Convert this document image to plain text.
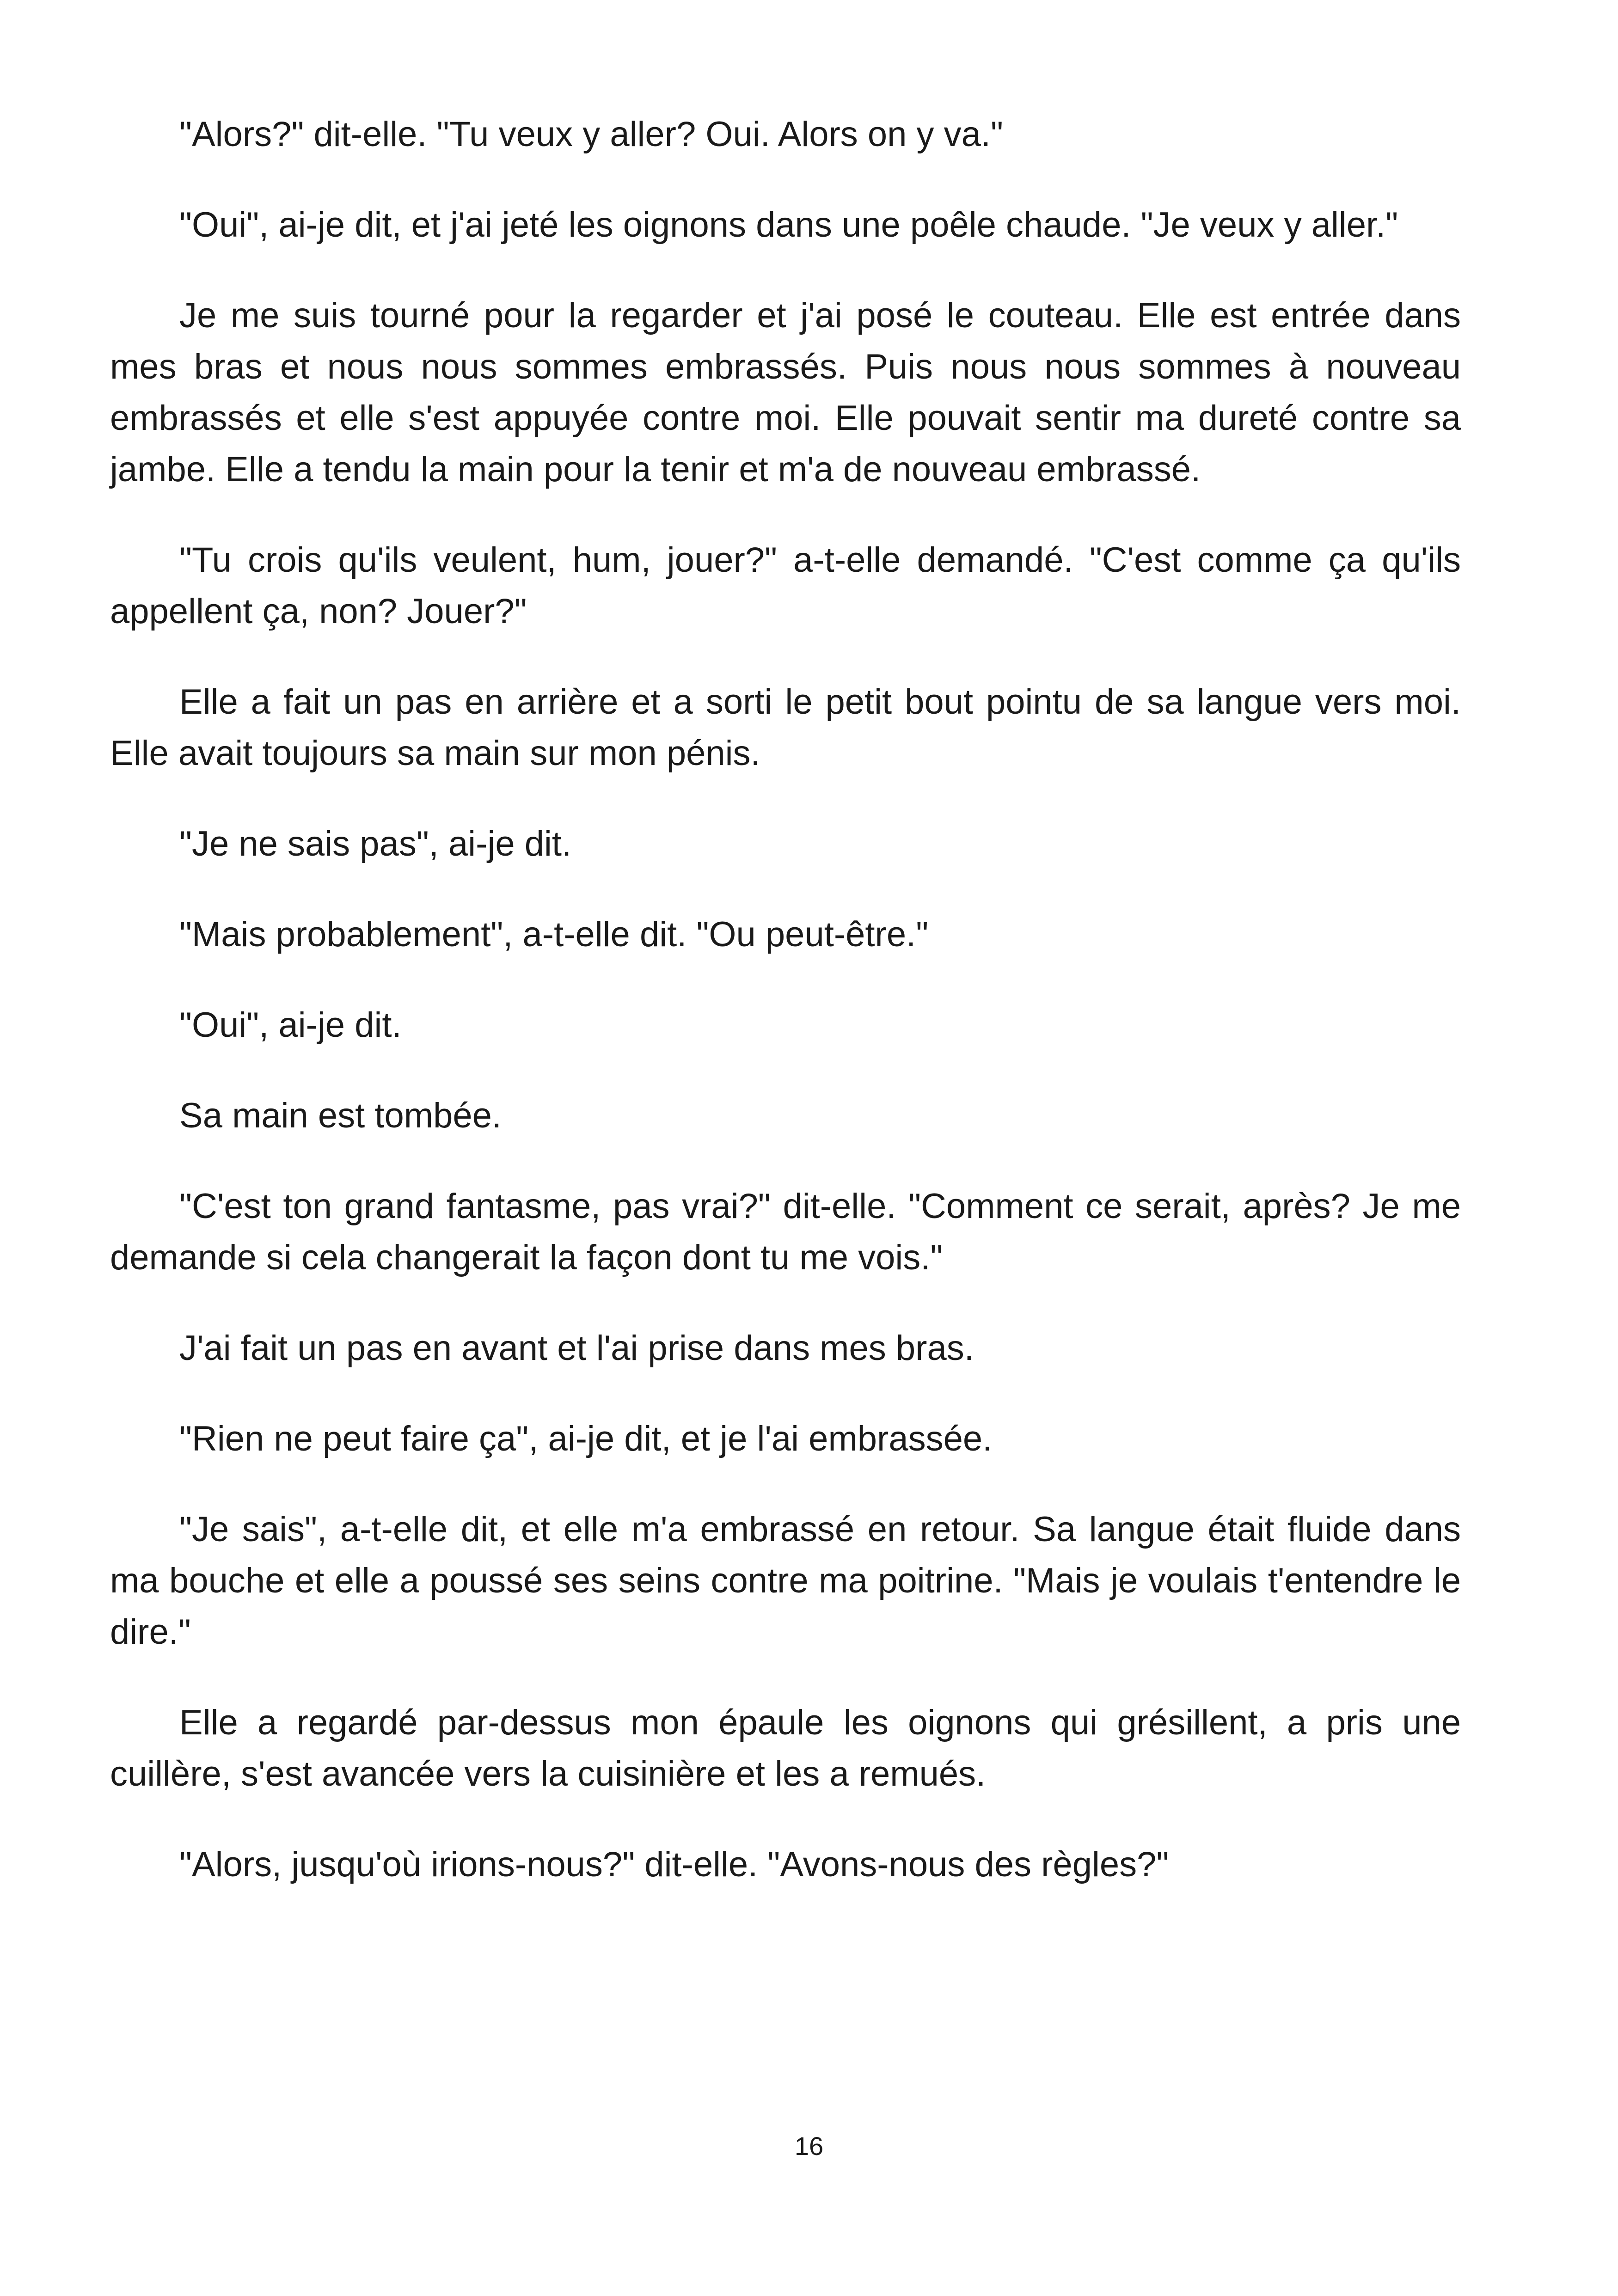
"Alors?" dit-elle. "Tu veux y aller? Oui. Alors on y va."

"Oui", ai-je dit, et j'ai jeté les oignons dans une poêle chaude. "Je veux y aller."

Je me suis tourné pour la regarder et j'ai posé le couteau. Elle est entrée dans mes bras et nous nous sommes embrassés. Puis nous nous sommes à nouveau embrassés et elle s'est appuyée contre moi. Elle pouvait sentir ma dureté contre sa jambe. Elle a tendu la main pour la tenir et m'a de nouveau embrassé.

"Tu crois qu'ils veulent, hum, jouer?" a-t-elle demandé. "C'est comme ça qu'ils appellent ça, non? Jouer?"

Elle a fait un pas en arrière et a sorti le petit bout pointu de sa langue vers moi. Elle avait toujours sa main sur mon pénis.

"Je ne sais pas", ai-je dit.

"Mais probablement", a-t-elle dit. "Ou peut-être."

"Oui", ai-je dit.

Sa main est tombée.

"C'est ton grand fantasme, pas vrai?" dit-elle. "Comment ce serait, après? Je me demande si cela changerait la façon dont tu me vois."

J'ai fait un pas en avant et l'ai prise dans mes bras.

"Rien ne peut faire ça", ai-je dit, et je l'ai embrassée.

"Je sais", a-t-elle dit, et elle m'a embrassé en retour. Sa langue était fluide dans ma bouche et elle a poussé ses seins contre ma poitrine. "Mais je voulais t'entendre le dire."

Elle a regardé par-dessus mon épaule les oignons qui grésillent, a pris une cuillère, s'est avancée vers la cuisinière et les a remués.

"Alors, jusqu'où irions-nous?" dit-elle. "Avons-nous des règles?"

16
